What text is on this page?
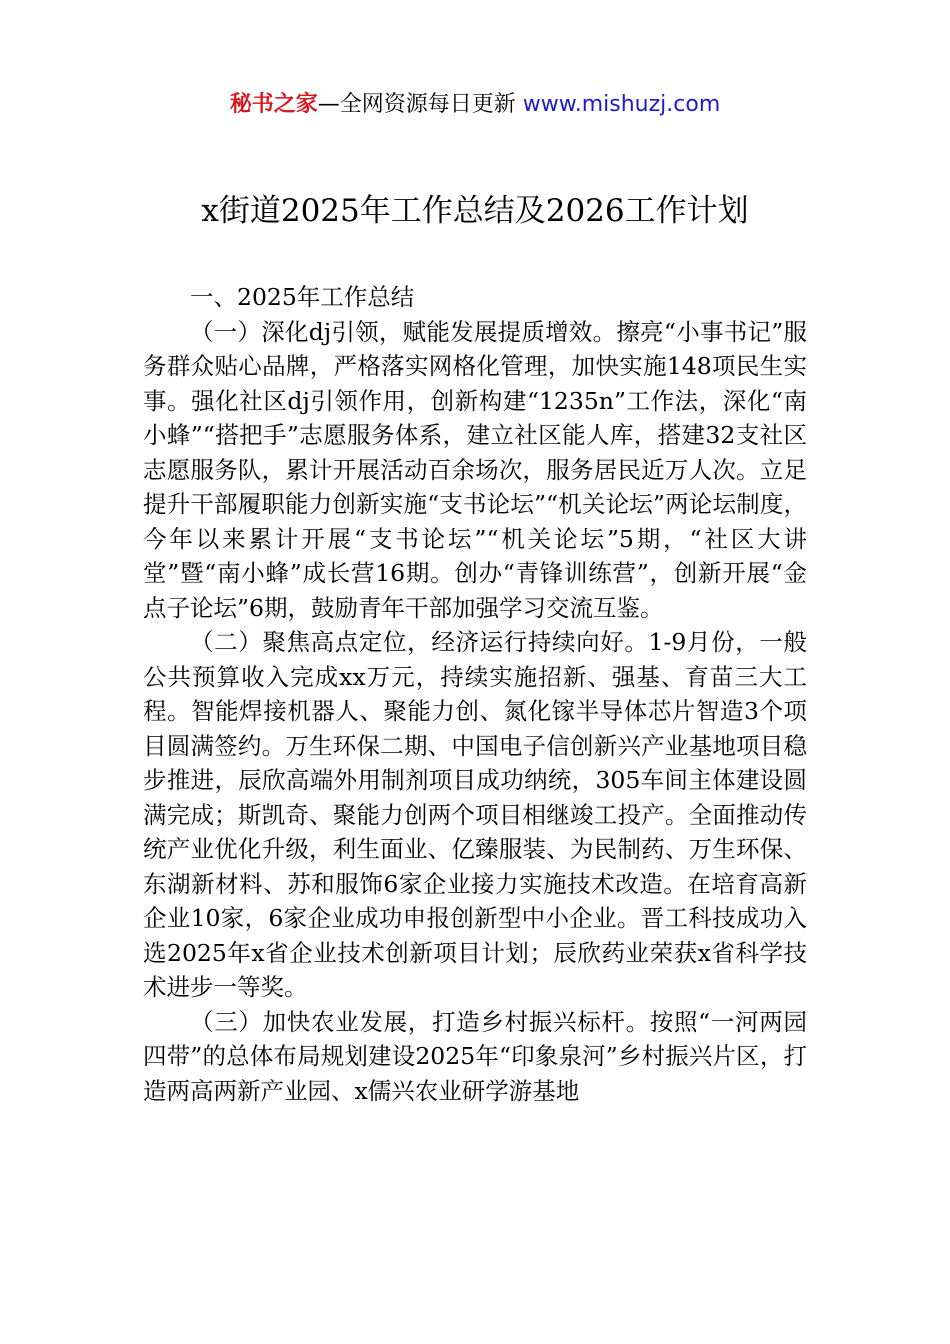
秘书之家—全网资源每日更新 www.mishuzj.com
x街道2025年工作总结及2026工作计划

一、2025年工作总结

（一）深化dj引领，赋能发展提质增效。擦亮“小事书记”服务群众贴心品牌，严格落实网格化管理，加快实施148项民生实事。强化社区dj引领作用，创新构建“1235n”工作法，深化“南小蜂”“搭把手”志愿服务体系，建立社区能人库，搭建32支社区志愿服务队，累计开展活动百余场次，服务居民近万人次。立足提升干部履职能力创新实施“支书论坛”“机关论坛”两论坛制度，今年以来累计开展“支书论坛”“机关论坛”5期，“社区大讲堂”暨“南小蜂”成长营16期。创办“青锋训练营”，创新开展“金点子论坛”6期，鼓励青年干部加强学习交流互鉴。

（二）聚焦高点定位，经济运行持续向好。1-9月份，一般公共预算收入完成xx万元，持续实施招新、强基、育苗三大工程。智能焊接机器人、聚能力创、氮化镓半导体芯片智造3个项目圆满签约。万生环保二期、中国电子信创新兴产业基地项目稳步推进，辰欣高端外用制剂项目成功纳统，305车间主体建设圆满完成；斯凯奇、聚能力创两个项目相继竣工投产。全面推动传统产业优化升级，利生面业、亿臻服装、为民制药、万生环保、东湖新材料、苏和服饰6家企业接力实施技术改造。在培育高新企业10家，6家企业成功申报创新型中小企业。晋工科技成功入选2025年x省企业技术创新项目计划；辰欣药业荣获x省科学技术进步一等奖。

（三）加快农业发展，打造乡村振兴标杆。按照“一河两园四带”的总体布局规划建设2025年“印象泉河”乡村振兴片区，打造两高两新产业园、x儒兴农业研学游基地
